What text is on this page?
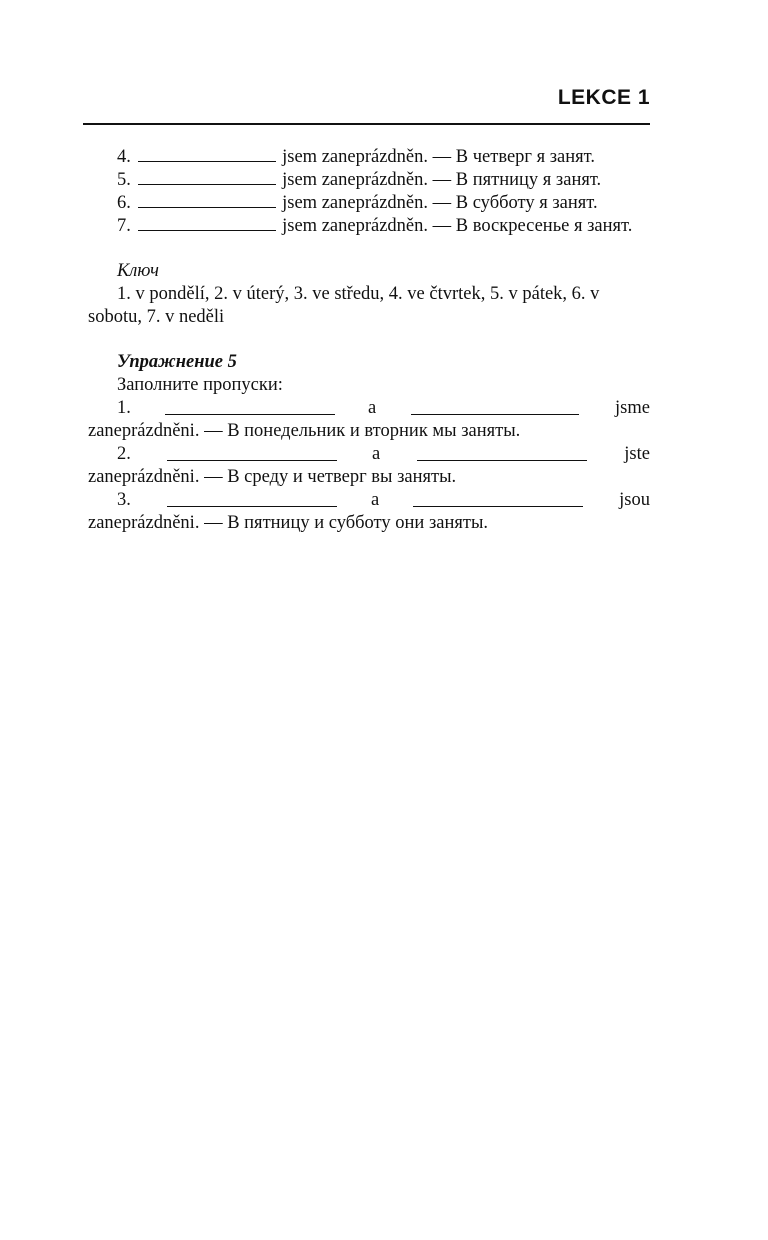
LEKCE 1
4.	jsem zaneprázdněn. — В четверг я занят.
5.	jsem zaneprázdněn. — В пятницу я занят.
6.	jsem zaneprázdněn. — В субботу я занят.
7.	jsem zaneprázdněn. — В воскресенье я занят.
Ключ
1. v pondělí, 2. v úterý, 3. ve středu, 4. ve čtvrtek, 5. v pátek, 6. v
sobotu, 7. v neděli
Упражнение 5
Заполните пропуски:
1.	a	jsme
zaneprázdněni. — В понедельник и вторник мы заняты.
2.	a	jste
zaneprázdněni. — В среду и четверг вы заняты.
3.	a	jsou
zaneprázdněni. — В пятницу и субботу они заняты.
